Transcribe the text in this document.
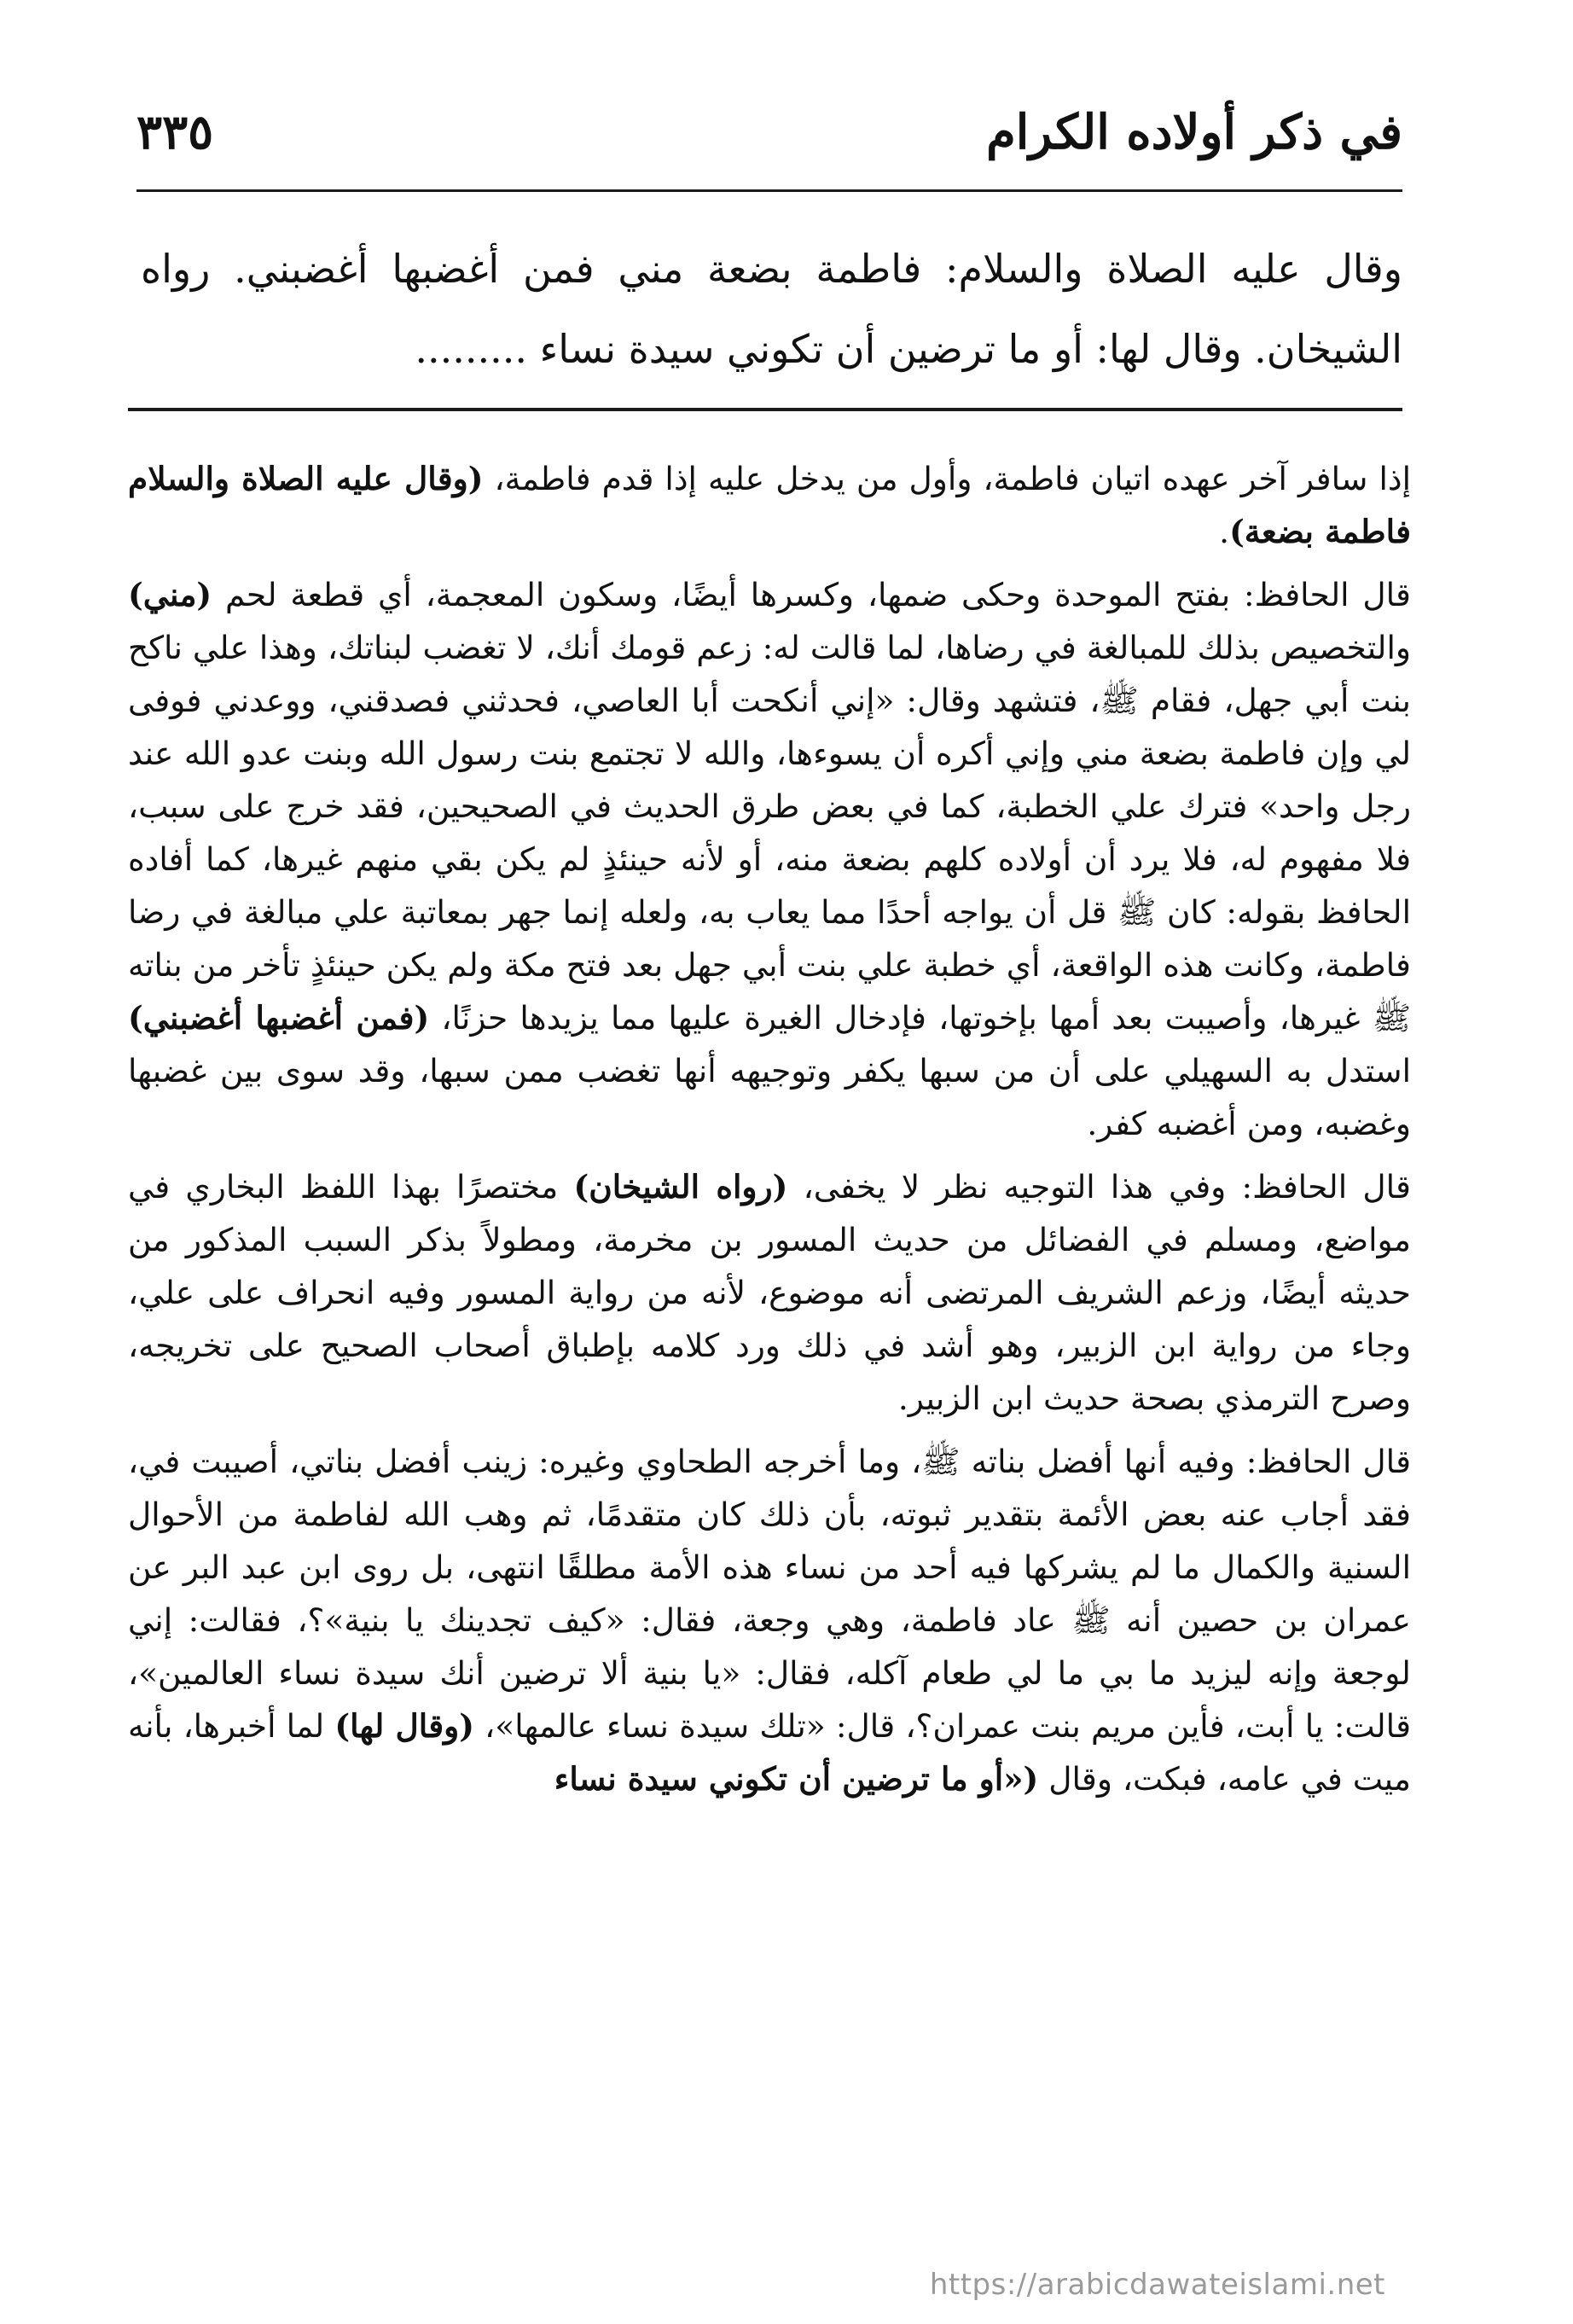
في ذكر أولاده الكرام
٣٣٥
وقال عليه الصلاة والسلام: فاطمة بضعة مني فمن أغضبها أغضبني. رواه الشيخان. وقال لها: أو ما ترضين أن تكوني سيدة نساء .........

إذا سافر آخر عهده اتيان فاطمة، وأول من يدخل عليه إذا قدم فاطمة، (وقال عليه الصلاة والسلام فاطمة بضعة).

قال الحافظ: بفتح الموحدة وحكى ضمها، وكسرها أيضًا، وسكون المعجمة، أي قطعة لحم (مني) والتخصيص بذلك للمبالغة في رضاها، لما قالت له: زعم قومك أنك، لا تغضب لبناتك، وهذا علي ناكح بنت أبي جهل، فقام ﷺ، فتشهد وقال: «إني أنكحت أبا العاصي، فحدثني فصدقني، ووعدني فوفى لي وإن فاطمة بضعة مني وإني أكره أن يسوءها، والله لا تجتمع بنت رسول الله وبنت عدو الله عند رجل واحد» فترك علي الخطبة، كما في بعض طرق الحديث في الصحيحين، فقد خرج على سبب، فلا مفهوم له، فلا يرد أن أولاده كلهم بضعة منه، أو لأنه حينئذٍ لم يكن بقي منهم غيرها، كما أفاده الحافظ بقوله: كان ﷺ قل أن يواجه أحدًا مما يعاب به، ولعله إنما جهر بمعاتبة علي مبالغة في رضا فاطمة، وكانت هذه الواقعة، أي خطبة علي بنت أبي جهل بعد فتح مكة ولم يكن حينئذٍ تأخر من بناته ﷺ غيرها، وأصيبت بعد أمها بإخوتها، فإدخال الغيرة عليها مما يزيدها حزنًا، (فمن أغضبها أغضبني) استدل به السهيلي على أن من سبها يكفر وتوجيهه أنها تغضب ممن سبها، وقد سوى بين غضبها وغضبه، ومن أغضبه كفر.

قال الحافظ: وفي هذا التوجيه نظر لا يخفى، (رواه الشيخان) مختصرًا بهذا اللفظ البخاري في مواضع، ومسلم في الفضائل من حديث المسور بن مخرمة، ومطولاً بذكر السبب المذكور من حديثه أيضًا، وزعم الشريف المرتضى أنه موضوع، لأنه من رواية المسور وفيه انحراف على علي، وجاء من رواية ابن الزبير، وهو أشد في ذلك ورد كلامه بإطباق أصحاب الصحيح على تخريجه، وصرح الترمذي بصحة حديث ابن الزبير.

قال الحافظ: وفيه أنها أفضل بناته ﷺ، وما أخرجه الطحاوي وغيره: زينب أفضل بناتي، أصيبت في، فقد أجاب عنه بعض الأئمة بتقدير ثبوته، بأن ذلك كان متقدمًا، ثم وهب الله لفاطمة من الأحوال السنية والكمال ما لم يشركها فيه أحد من نساء هذه الأمة مطلقًا انتهى، بل روى ابن عبد البر عن عمران بن حصين أنه ﷺ عاد فاطمة، وهي وجعة، فقال: «كيف تجدينك يا بنية»؟، فقالت: إني لوجعة وإنه ليزيد ما بي ما لي طعام آكله، فقال: «يا بنية ألا ترضين أنك سيدة نساء العالمين»، قالت: يا أبت، فأين مريم بنت عمران؟، قال: «تلك سيدة نساء عالمها»، (وقال لها) لما أخبرها، بأنه ميت في عامه، فبكت، وقال («أو ما ترضين أن تكوني سيدة نساء

https://arabicdawateislami.net
